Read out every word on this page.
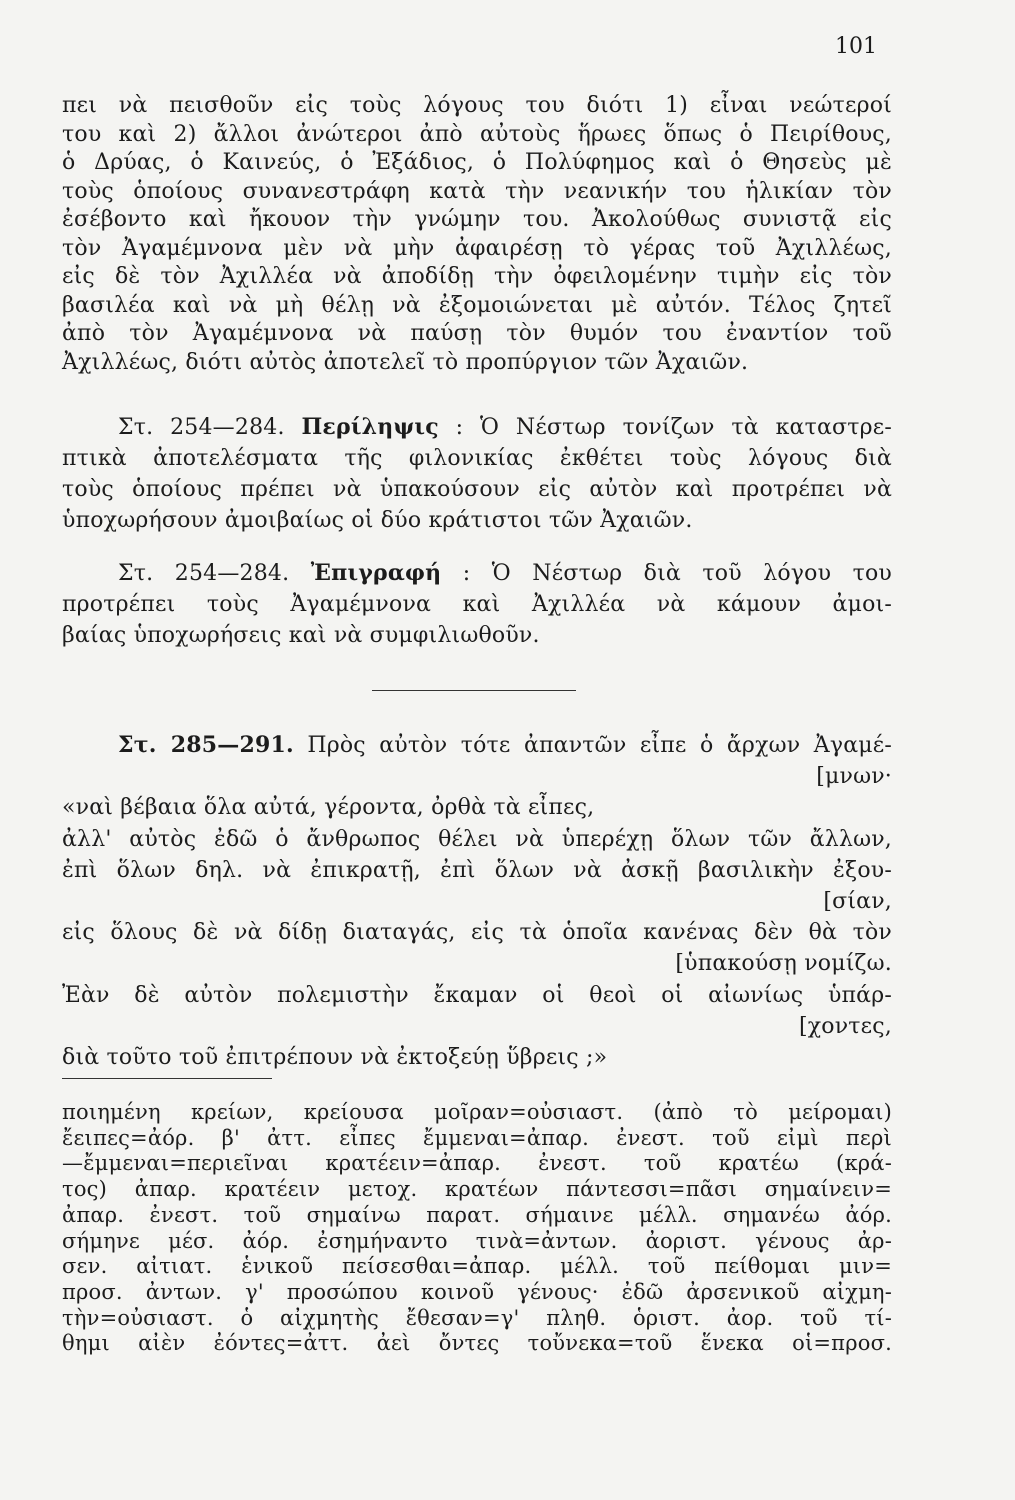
101
πει νὰ πεισθοῦν εἰς τοὺς λόγους του διότι 1) εἶναι νεώτεροί
του καὶ 2) ἄλλοι ἀνώτεροι ἀπὸ αὐτοὺς ἥρωες ὅπως ὁ Πειρίθους,
ὁ Δρύας, ὁ Καινεύς, ὁ Ἐξάδιος, ὁ Πολύφημος καὶ ὁ Θησεὺς μὲ
τοὺς ὁποίους συνανεστράφη κατὰ τὴν νεανικήν του ἡλικίαν τὸν
ἐσέβοντο καὶ ἤκουον τὴν γνώμην του. Ἀκολούθως συνιστᾷ εἰς
τὸν Ἀγαμέμνονα μὲν νὰ μὴν ἀφαιρέσῃ τὸ γέρας τοῦ Ἀχιλλέως,
εἰς δὲ τὸν Ἀχιλλέα νὰ ἀποδίδῃ τὴν ὀφειλομένην τιμὴν εἰς τὸν
βασιλέα καὶ νὰ μὴ θέλῃ νὰ ἐξομοιώνεται μὲ αὐτόν. Τέλος ζητεῖ
ἀπὸ τὸν Ἀγαμέμνονα νὰ παύσῃ τὸν θυμόν του ἐναντίον τοῦ
Ἀχιλλέως, διότι αὐτὸς ἀποτελεῖ τὸ προπύργιον τῶν Ἀχαιῶν.
Στ. 254—284. Περίληψις : Ὁ Νέστωρ τονίζων τὰ καταστρε-
πτικὰ ἀποτελέσματα τῆς φιλονικίας ἐκθέτει τοὺς λόγους διὰ
τοὺς ὁποίους πρέπει νὰ ὑπακούσουν εἰς αὐτὸν καὶ προτρέπει νὰ
ὑποχωρήσουν ἀμοιβαίως οἱ δύο κράτιστοι τῶν Ἀχαιῶν.
Στ. 254—284. Ἐπιγραφή : Ὁ Νέστωρ διὰ τοῦ λόγου του
προτρέπει τοὺς Ἀγαμέμνονα καὶ Ἀχιλλέα νὰ κάμουν ἀμοι-
βαίας ὑποχωρήσεις καὶ νὰ συμφιλιωθοῦν.
Στ. 285—291. Πρὸς αὐτὸν τότε ἀπαντῶν εἶπε ὁ ἄρχων Ἀγαμέ-
[μνων·
«ναὶ βέβαια ὅλα αὐτά, γέροντα, ὀρθὰ τὰ εἶπες,
ἀλλ' αὐτὸς ἐδῶ ὁ ἄνθρωπος θέλει νὰ ὑπερέχῃ ὅλων τῶν ἄλλων,
ἐπὶ ὅλων δηλ. νὰ ἐπικρατῇ, ἐπὶ ὅλων νὰ ἀσκῇ βασιλικὴν ἐξου-
[σίαν,
εἰς ὅλους δὲ νὰ δίδῃ διαταγάς, εἰς τὰ ὁποῖα κανένας δὲν θὰ τὸν
[ὑπακούσῃ νομίζω.
Ἐὰν δὲ αὐτὸν πολεμιστὴν ἔκαμαν οἱ θεοὶ οἱ αἰωνίως ὑπάρ-
[χοντες,
διὰ τοῦτο τοῦ ἐπιτρέπουν νὰ ἐκτοξεύῃ ὕβρεις ;»
ποιημένη κρείων, κρείουσα μοῖραν=οὐσιαστ. (ἀπὸ τὸ μείρομαι)
ἔειπες=ἀόρ. β' ἀττ. εἶπες ἔμμεναι=ἀπαρ. ἐνεστ. τοῦ εἰμὶ περὶ
—ἔμμεναι=περιεῖναι κρατέειν=ἀπαρ. ἐνεστ. τοῦ κρατέω (κρά-
τος) ἀπαρ. κρατέειν μετοχ. κρατέων πάντεσσι=πᾶσι σημαίνειν=
ἀπαρ. ἐνεστ. τοῦ σημαίνω παρατ. σήμαινε μέλλ. σημανέω ἀόρ.
σήμηνε μέσ. ἀόρ. ἐσημήναντο τινὰ=ἀντων. ἀοριστ. γένους ἀρ-
σεν. αἰτιατ. ἑνικοῦ πείσεσθαι=ἀπαρ. μέλλ. τοῦ πείθομαι μιν=
προσ. ἀντων. γ' προσώπου κοινοῦ γένους· ἐδῶ ἀρσενικοῦ αἰχμη-
τὴν=οὐσιαστ. ὁ αἰχμητὴς ἔθεσαν=γ' πληθ. ὁριστ. ἀορ. τοῦ τί-
θημι αἰὲν ἐόντες=ἀττ. ἀεὶ ὄντες τοὔνεκα=τοῦ ἕνεκα οἱ=προσ.
